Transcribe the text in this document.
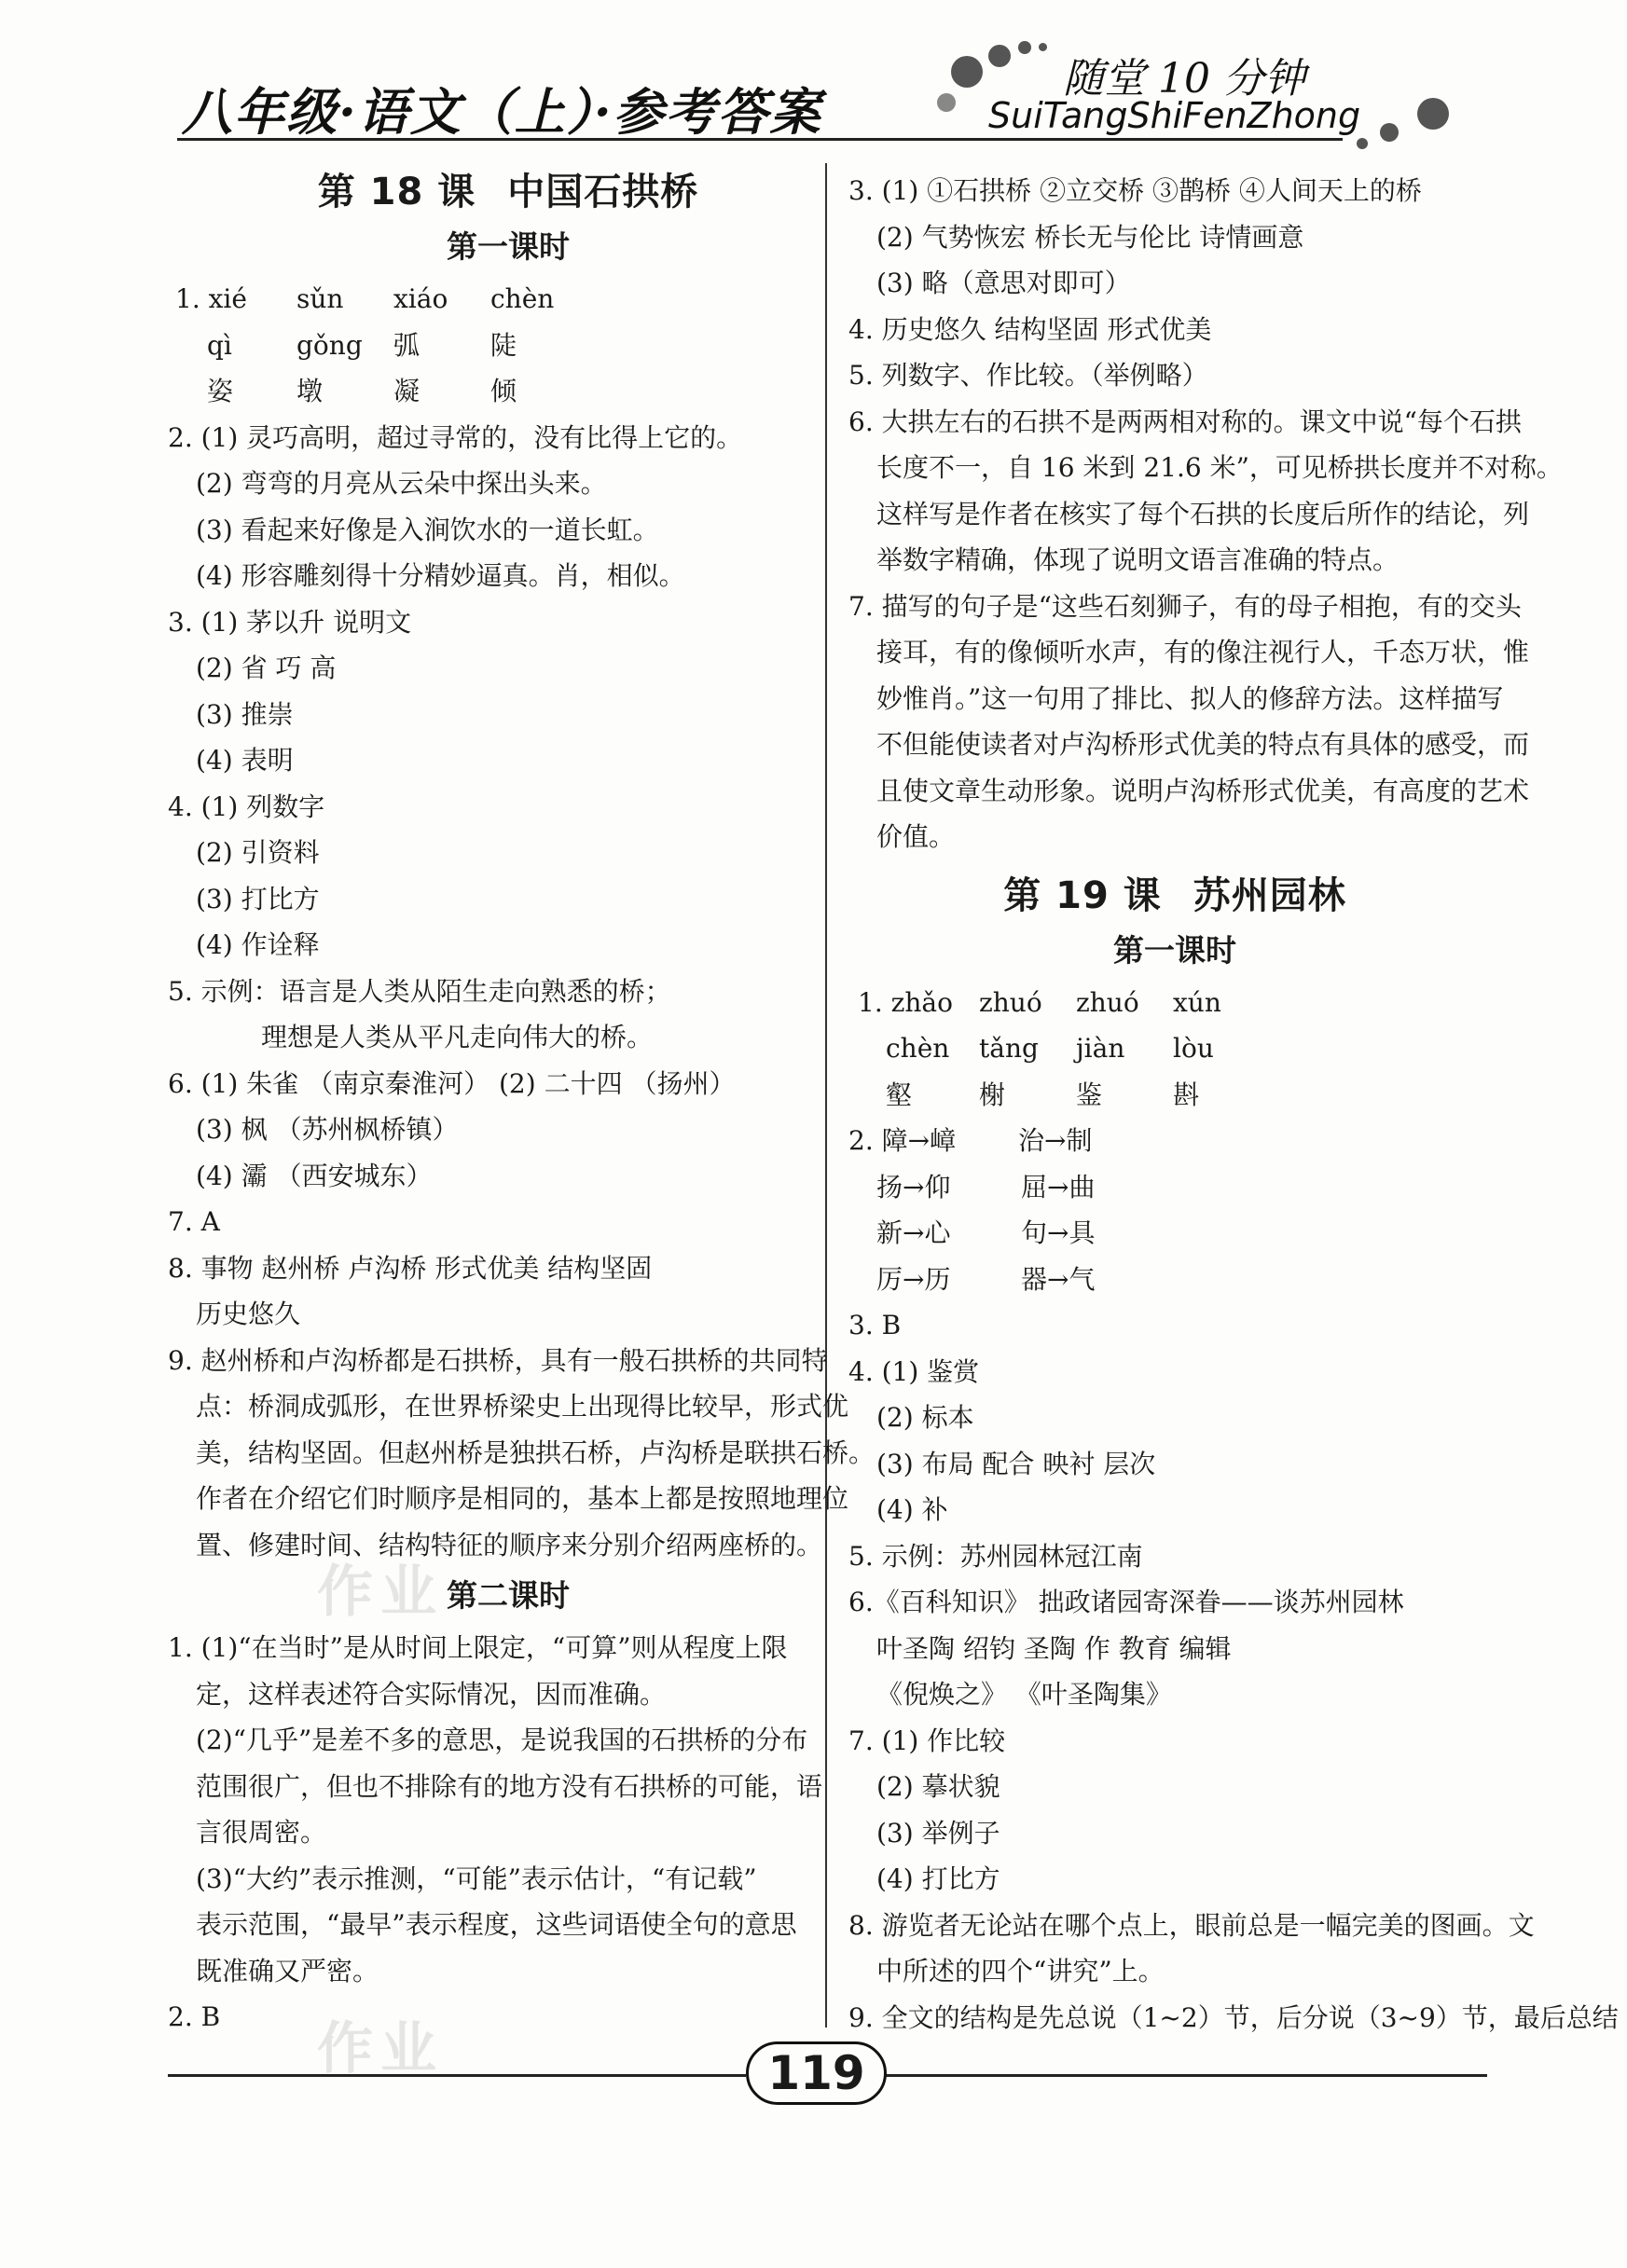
八年级·语文（上）·参考答案
随堂 10 分钟
SuiTangShiFenZhong
第 18 课 中国石拱桥
第一课时
1. xié	sǔn	xiáo	chèn
qì	gǒng	弧	陡
姿	墩	凝	倾
2. (1) 灵巧高明，超过寻常的，没有比得上它的。
(2) 弯弯的月亮从云朵中探出头来。
(3) 看起来好像是入涧饮水的一道长虹。
(4) 形容雕刻得十分精妙逼真。肖，相似。
3. (1) 茅以升 说明文
(2) 省 巧 高
(3) 推崇
(4) 表明
4. (1) 列数字
(2) 引资料
(3) 打比方
(4) 作诠释
5. 示例：语言是人类从陌生走向熟悉的桥；
理想是人类从平凡走向伟大的桥。
6. (1) 朱雀 （南京秦淮河） (2) 二十四 （扬州）
(3) 枫 （苏州枫桥镇）
(4) 灞 （西安城东）
7. A
8. 事物 赵州桥 卢沟桥 形式优美 结构坚固
历史悠久
9. 赵州桥和卢沟桥都是石拱桥，具有一般石拱桥的共同特
点：桥洞成弧形，在世界桥梁史上出现得比较早，形式优
美，结构坚固。但赵州桥是独拱石桥，卢沟桥是联拱石桥。
作者在介绍它们时顺序是相同的，基本上都是按照地理位
置、修建时间、结构特征的顺序来分别介绍两座桥的。
第二课时
1. (1)“在当时”是从时间上限定，“可算”则从程度上限
定，这样表述符合实际情况，因而准确。
(2)“几乎”是差不多的意思，是说我国的石拱桥的分布
范围很广，但也不排除有的地方没有石拱桥的可能，语
言很周密。
(3)“大约”表示推测，“可能”表示估计，“有记载”
表示范围，“最早”表示程度，这些词语使全句的意思
既准确又严密。
2. B
3. (1) ①石拱桥 ②立交桥 ③鹊桥 ④人间天上的桥
(2) 气势恢宏 桥长无与伦比 诗情画意
(3) 略（意思对即可）
4. 历史悠久 结构坚固 形式优美
5. 列数字、作比较。（举例略）
6. 大拱左右的石拱不是两两相对称的。课文中说“每个石拱
长度不一，自 16 米到 21.6 米”，可见桥拱长度并不对称。
这样写是作者在核实了每个石拱的长度后所作的结论，列
举数字精确，体现了说明文语言准确的特点。
7. 描写的句子是“这些石刻狮子，有的母子相抱，有的交头
接耳，有的像倾听水声，有的像注视行人，千态万状，惟
妙惟肖。”这一句用了排比、拟人的修辞方法。这样描写
不但能使读者对卢沟桥形式优美的特点有具体的感受，而
且使文章生动形象。说明卢沟桥形式优美，有高度的艺术
价值。
第 19 课 苏州园林
第一课时
1. zhǎo	zhuó	zhuó	xún
chèn	tǎng	jiàn	lòu
壑	榭	鉴	斟
2. 障→嶂	治→制
扬→仰	屈→曲
新→心	句→具
厉→历	器→气
3. B
4. (1) 鉴赏
(2) 标本
(3) 布局 配合 映衬 层次
(4) 补
5. 示例：苏州园林冠江南
6.《百科知识》 拙政诸园寄深眷——谈苏州园林
叶圣陶 绍钧 圣陶 作 教育 编辑
《倪焕之》 《叶圣陶集》
7. (1) 作比较
(2) 摹状貌
(3) 举例子
(4) 打比方
8. 游览者无论站在哪个点上，眼前总是一幅完美的图画。文
中所述的四个“讲究”上。
9. 全文的结构是先总说（1~2）节，后分说（3~9）节，最后总结
作业
作业	119
